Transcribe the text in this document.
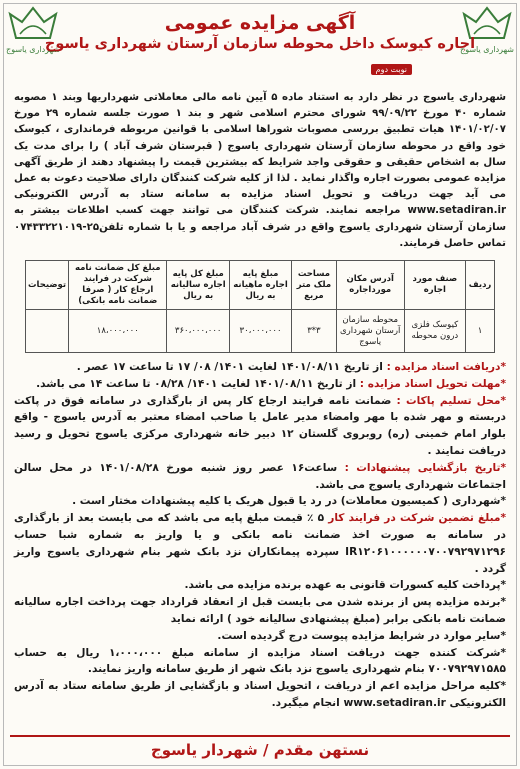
شهرداری یاسوج	شهرداری یاسوج
آگهی مزایده عمومی
اجاره کیوسک داخل محوطه سازمان آرستان شهرداری یاسوج
نوبت دوم
شهرداری یاسوج در نظر دارد به استناد ماده ۵ آیین نامه مالی معاملاتی شهرداریها وبند ۱ مصوبه شماره ۴۰ مورخ ۹۹/۰۹/۲۲ شورای محترم اسلامی شهر و بند ۱ صورت جلسه شماره ۲۹ مورخ ۱۴۰۱/۰۲/۰۷ هیات تطبیق بررسی مصوبات شوراها اسلامی با قوانین مربوطه فرمانداری ، کیوسک خود واقع در محوطه سازمان آرستان شهرداری یاسوج ( قبرستان شرف آباد ) را برای مدت یک سال به اشخاص حقیقی و حقوقی واجد شرایط که بیشترین قیمت را پیشنهاد دهند از طریق آگهی مزایده عمومی بصورت اجاره واگذار نماید . لذا از کلیه شرکت کنندگان دارای صلاحیت دعوت به عمل می آید جهت دریافت و تحویل اسناد مزایده به سامانه ستاد به آدرس الکترونیکی www.setadiran.ir مراجعه نمایند. شرکت کنندگان می توانند جهت کسب اطلاعات بیشتر به سازمان آرستان شهرداری یاسوج واقع در شرف آباد مراجعه و یا با شماره تلفن۲۵-۰۷۴۳۳۲۲۱۰۱۹ تماس حاصل فرمایند.
ردیف	صنف مورد اجاره	آدرس مکان مورداجاره	مساحت ملک متر مربع	مبلغ پایه اجاره ماهیانه به ریال	مبلغ کل پایه اجاره سالیانه به ریال	مبلغ کل ضمانت نامه شرکت در فرایند ارجاع کار ( صرفا ضمانت نامه بانکی)	توضیحات
۱	کیوسک فلزی درون محوطه	محوطه سازمان آرستان شهرداری یاسوج	۳*۳	۳۰،۰۰۰،۰۰۰	۳۶۰،۰۰۰،۰۰۰	۱۸،۰۰۰،۰۰۰	

*دریافت اسناد مزایده : از تاریخ ۱۴۰۱/۰۸/۱۱ لغایت ۱۴۰۱/ ۰۸/ ۱۷ تا ساعت ۱۷ عصر .

*مهلت تحویل اسناد مزایده : از تاریخ ۱۴۰۱/۰۸/۱۱ لغایت ۱۴۰۱/ ۰۸/۲۸ تا ساعت ۱۴ می باشد.

*محل تسلیم پاکات : ضمانت نامه فرایند ارجاع کار پس از بارگذاری در سامانه فوق در پاکت دربسته و مهر شده با مهر وامضاء مدیر عامل یا صاحب امضاء معتبر به آدرس یاسوج - واقع بلوار امام خمینی (ره) روبروی گلستان ۱۲ دبیر خانه شهرداری مرکزی یاسوج تحویل و رسید دریافت نمایند .

*تاریخ بازگشایی پیشنهادات : ساعت۱۶ عصر روز شنبه مورخ ۱۴۰۱/۰۸/۲۸ در محل سالن اجتماعات شهرداری یاسوج می باشد.

*شهرداری ( کمیسیون معاملات) در رد یا قبول هریک یا کلیه پیشنهادات مختار است .

*مبلغ تضمین شرکت در فرایند کار ۵ ٪ قیمت مبلغ پایه می باشد که می بایست بعد از بارگذاری در سامانه به صورت اخذ ضمانت نامه بانکی و یا واریز به شماره شبا حساب IR۱۲۰۶۱۰۰۰۰۰۰۷۰۰۷۹۲۹۷۱۲۹۶ سپرده پیمانکاران نزد بانک شهر بنام شهرداری یاسوج واریز گردد .

*پرداخت کلیه کسورات قانونی به عهده برنده مزایده می باشد.

*برنده مزایده پس از برنده شدن می بایست قبل از انعقاد قرارداد جهت پرداخت اجاره سالیانه ضمانت نامه بانکی برابر (مبلغ پیشنهادی سالیانه خود ) ارائه نماید

*سایر موارد در شرایط مزایده پیوست درج گردیده است.

*شرکت کننده جهت دریافت اسناد مزایده از سامانه مبلغ ۱،۰۰۰،۰۰۰ ریال به حساب ۷۰۰۷۹۲۹۷۱۵۸۵ بنام شهرداری یاسوج نزد بانک شهر از طریق سامانه واریز نمایند.

*کلیه مراحل مزایده اعم از دریافت ، اتحویل اسناد و بازگشایی از طریق سامانه ستاد به آدرس الکترونیکی www.setadiran.ir انجام میگیرد.

نستهن مقدم / شهردار یاسوج
